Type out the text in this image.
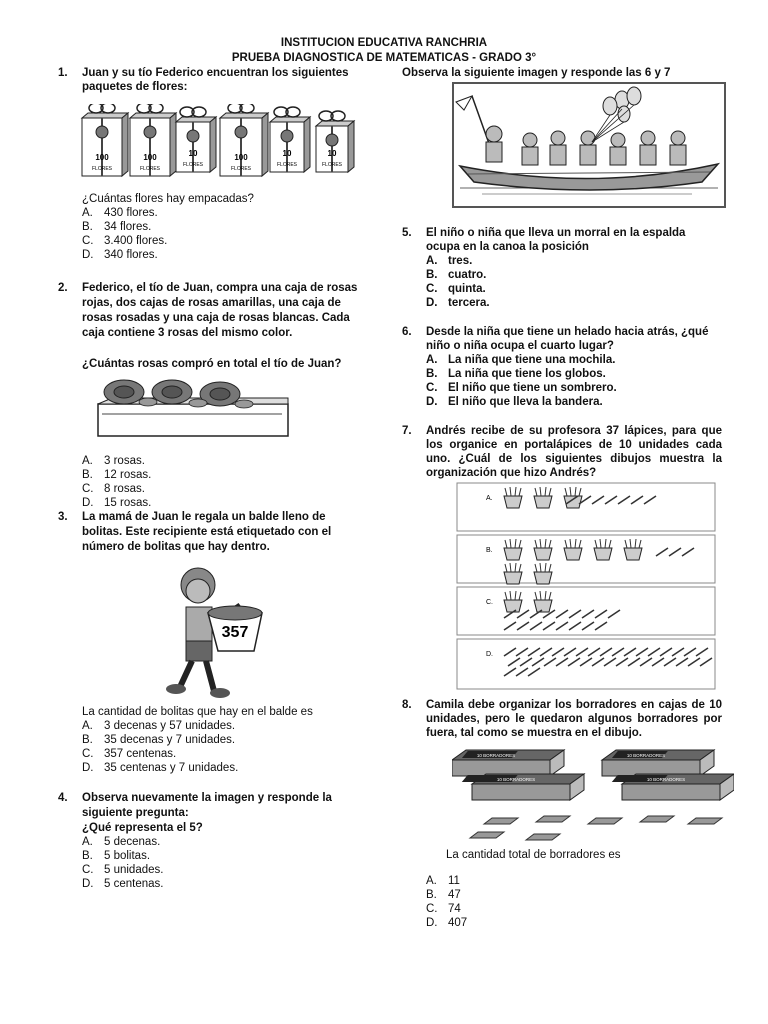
INSTITUCION EDUCATIVA RANCHRIA
PRUEBA DIAGNOSTICA DE MATEMATICAS - GRADO 3°
1.	Juan y su tío Federico encuentran los siguientes paquetes de flores:
100
FLORES
100
FLORES
10
FLORES
100
FLORES
10
FLORES
10
FLORES
¿Cuántas flores hay empacadas?
A. 430 flores.
B. 34 flores.
C. 3.400 flores.
D. 340 flores.
2.	Federico, el tío de Juan, compra una caja de rosas rojas, dos cajas de rosas amarillas, una caja de rosas rosadas y una caja de rosas blancas. Cada caja contiene 3 rosas del mismo color.
¿Cuántas rosas compró en total el tío de Juan?
A. 3 rosas.
B. 12 rosas.
C. 8 rosas.
D. 15 rosas.
3.	La mamá de Juan le regala un balde lleno de bolitas. Este recipiente está etiquetado con el número de bolitas que hay dentro.
357
La cantidad de bolitas que hay en el balde es
A. 3 decenas y 57 unidades.
B. 35 decenas y 7 unidades.
C. 357 centenas.
D. 35 centenas y 7 unidades.
4.	Observa nuevamente la imagen y responde la siguiente pregunta:
¿Qué representa el 5?
A. 5 decenas.
B. 5 bolitas.
C. 5 unidades.
D. 5 centenas.
Observa la siguiente imagen y responde las 6 y 7
5.	El niño o niña que lleva un morral en la espalda ocupa en la canoa la posición
A. tres.
B. cuatro.
C. quinta.
D. tercera.
6.	Desde la niña que tiene un helado hacia atrás, ¿qué niño o niña ocupa el cuarto lugar?
A. La niña que tiene una mochila.
B. La niña que tiene los globos.
C. El niño que tiene un sombrero.
D. El niño que lleva la bandera.
7.	Andrés recibe de su profesora 37 lápices, para que los organice en portalápices de 10 unidades cada uno. ¿Cuál de los siguientes dibujos muestra la organización que hizo Andrés?
A.
B.
C.
D.
8.	Camila debe organizar los borradores en cajas de 10 unidades, pero le quedaron algunos borradores por fuera, tal como se muestra en el dibujo.
10 BORRADORES	10 BORRADORES
10 BORRADORES	10 BORRADORES
La cantidad total de borradores es
A. 11
B. 47
C. 74
D. 407
